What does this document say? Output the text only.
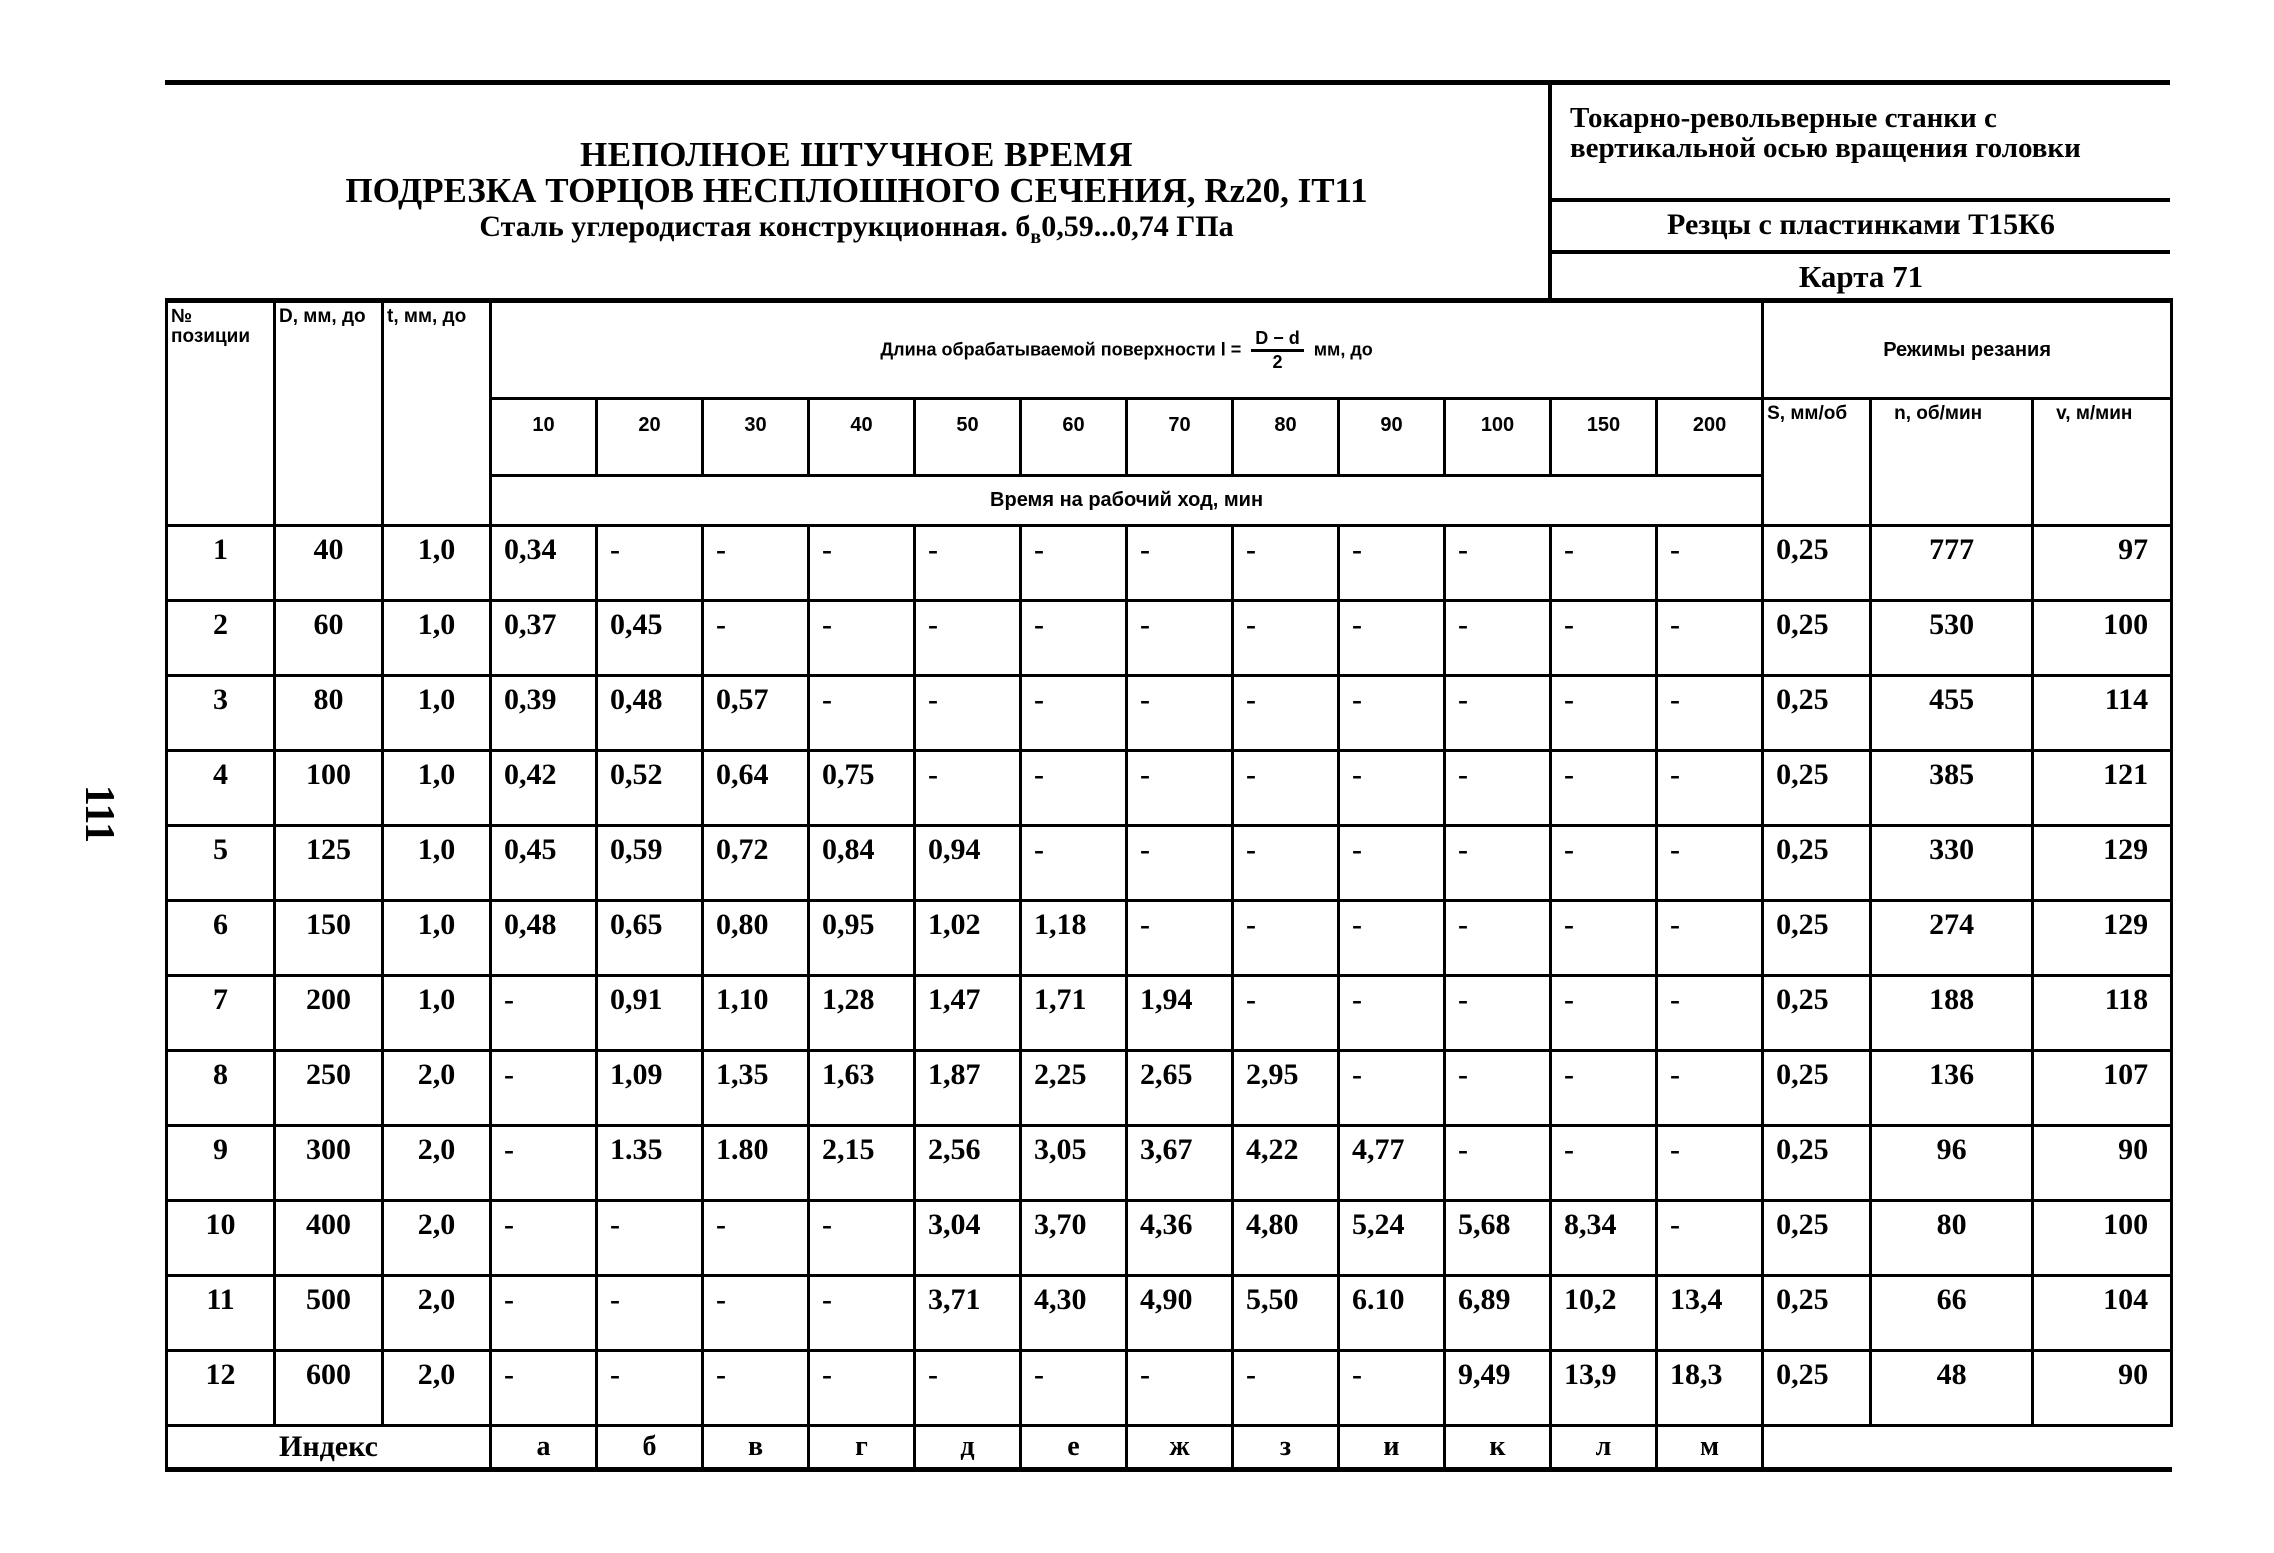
111
НЕПОЛНОЕ ШТУЧНОЕ ВРЕМЯ
ПОДРЕЗКА ТОРЦОВ НЕСПЛОШНОГО СЕЧЕНИЯ, Rz20, IT11
Сталь углеродистая конструкционная. $б_в0,59...0,74$ ГПа
Токарно-револьверные станки с
вертикальной осью вращения головки
Резцы с пластинками Т15К6
Карта 71
№ позиции	D, мм, до	t, мм, до	Длина обрабатываемой поверхности $l = \frac{D - d}{2}$ мм, до												Режимы резания		
			10	20	30	40	50	60	70	80	90	100	150	200	S, мм/об	n, об/мин	v, м/мин
			Время на рабочий ход, мин														
1	40	1,0	0,34	-	-	-	-	-	-	-	-	-	-	-	0,25	777	97
2	60	1,0	0,37	0,45	-	-	-	-	-	-	-	-	-	-	0,25	530	100
3	80	1,0	0,39	0,48	0,57	-	-	-	-	-	-	-	-	-	0,25	455	114
4	100	1,0	0,42	0,52	0,64	0,75	-	-	-	-	-	-	-	-	0,25	385	121
5	125	1,0	0,45	0,59	0,72	0,84	0,94	-	-	-	-	-	-	-	0,25	330	129
6	150	1,0	0,48	0,65	0,80	0,95	1,02	1,18	-	-	-	-	-	-	0,25	274	129
7	200	1,0	-	0,91	1,10	1,28	1,47	1,71	1,94	-	-	-	-	-	0,25	188	118
8	250	2,0	-	1,09	1,35	1,63	1,87	2,25	2,65	2,95	-	-	-	-	0,25	136	107
9	300	2,0	-	1.35	1.80	2,15	2,56	3,05	3,67	4,22	4,77	-	-	-	0,25	96	90
10	400	2,0	-	-	-	-	3,04	3,70	4,36	4,80	5,24	5,68	8,34	-	0,25	80	100
11	500	2,0	-	-	-	-	3,71	4,30	4,90	5,50	6.10	6,89	10,2	13,4	0,25	66	104
12	600	2,0	-	-	-	-	-	-	-	-	-	9,49	13,9	18,3	0,25	48	90
Индекс			а	б	в	г	д	е	ж	з	и	к	л	м			
